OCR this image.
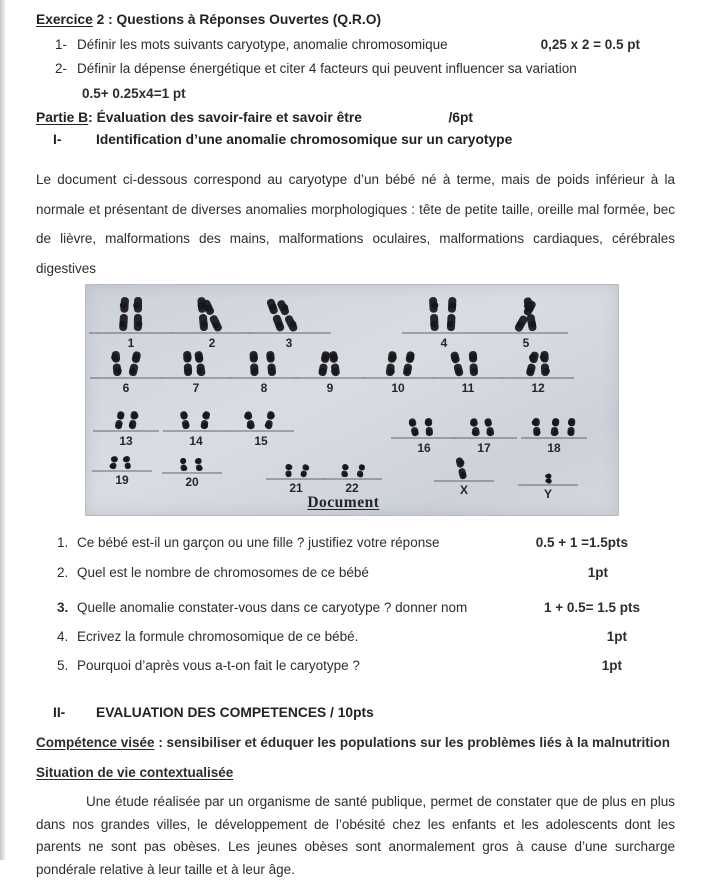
Exercice 2 : Questions à Réponses Ouvertes (Q.R.O)
1- Définir les mots suivants caryotype, anomalie chromosomique	0,25 x 2 = 0.5 pt
2- Définir la dépense énergétique et citer 4 facteurs qui peuvent influencer sa variation
0.5+ 0.25x4=1 pt
Partie B : Évaluation des savoir-faire et savoir être	/6pt
I-	Identification d’une anomalie chromosomique sur un caryotype

Le document ci-dessous correspond au caryotype d’un bébé né à terme, mais de poids inférieur à la normale et présentant de diverses anomalies morphologiques : tête de petite taille, oreille mal formée, bec de lièvre, malformations des mains, malformations oculaires, malformations cardiaques, cérébrales digestives

1	2	3	4	5
6	7	8	9	10	11	12
13	14	15	16	17	18
19	20	21	22	X	Y
Document
1. Ce bébé est-il un garçon ou une fille ? justifiez votre réponse	0.5 + 1 =1.5pts
2. Quel est le nombre de chromosomes de ce bébé	1pt
3. Quelle anomalie constater-vous dans ce caryotype ? donner nom	1 + 0.5= 1.5 pts
4. Ecrivez la formule chromosomique de ce bébé.	1pt
5. Pourquoi d’après vous a-t-on fait le caryotype ?	1pt
II-	EVALUATION DES COMPETENCES / 10pts
Compétence visée : sensibiliser et éduquer les populations sur les problèmes liés à la malnutrition
Situation de vie contextualisée

Une étude réalisée par un organisme de santé publique, permet de constater que de plus en plus dans nos grandes villes, le développement de l’obésité chez les enfants et les adolescents dont les parents ne sont pas obèses. Les jeunes obèses sont anormalement gros à cause d’une surcharge pondérale relative à leur taille et à leur âge.
